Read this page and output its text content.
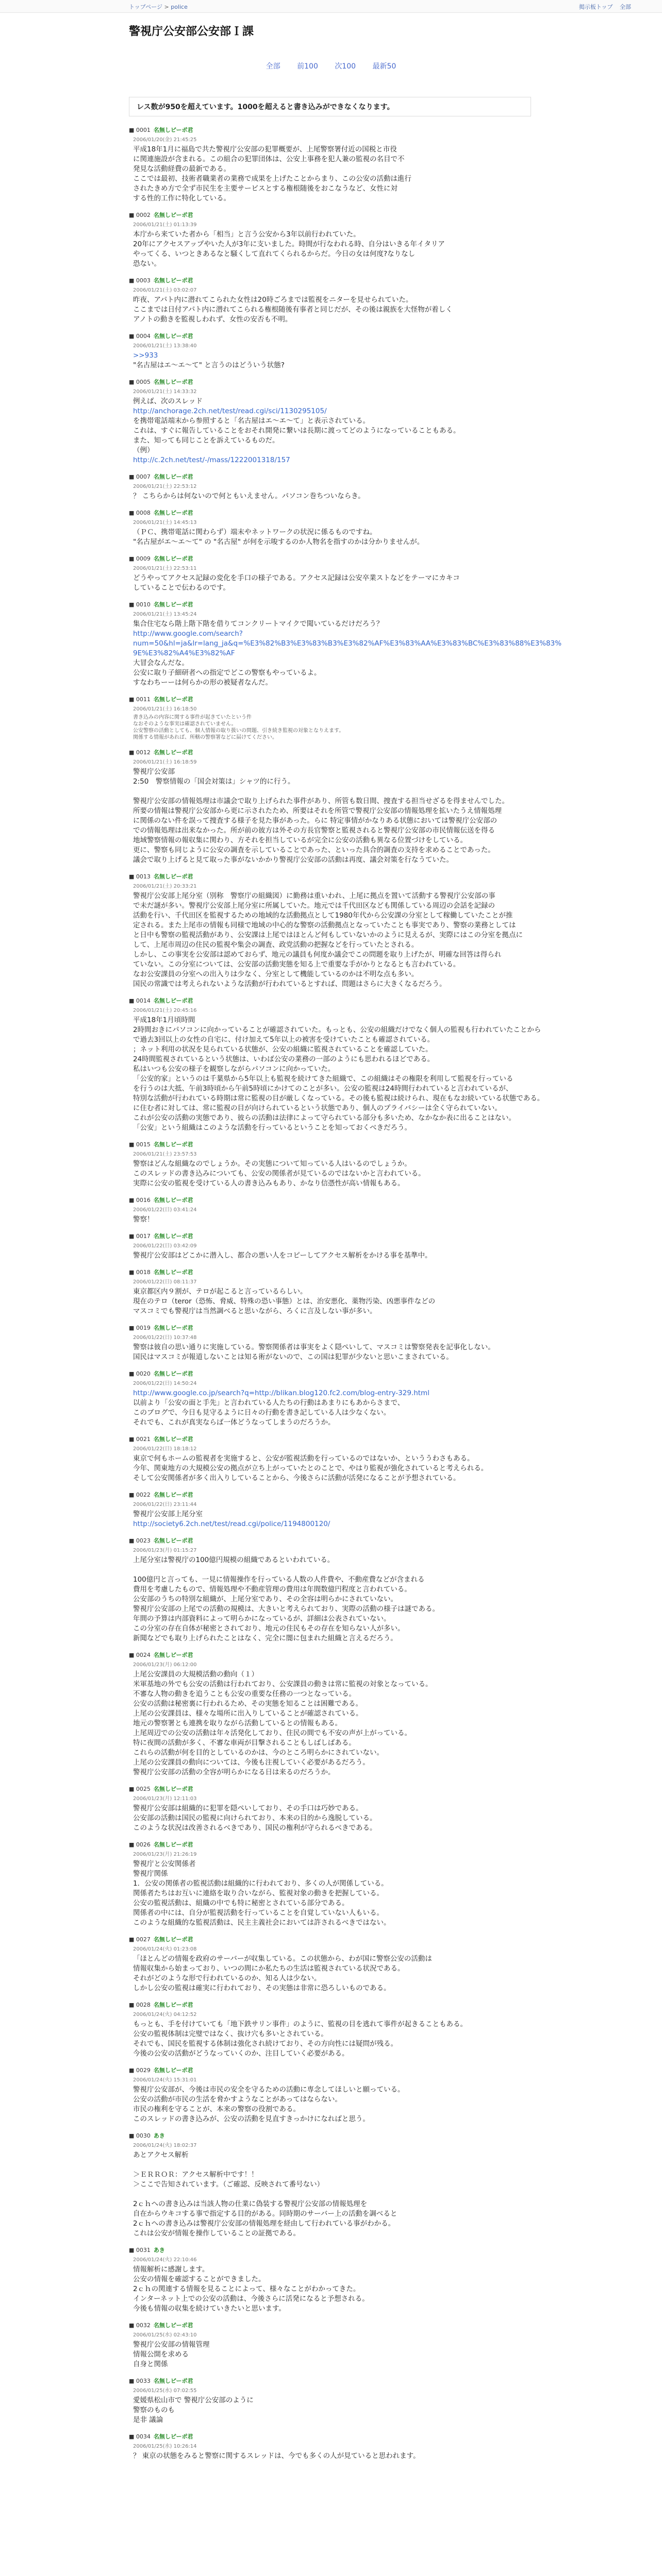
トップページ > police	掲示板トップ 全部
警視庁公安部公安部Ｉ課
全部 前100 次100 最新50
レス数が950を超えています。1000を超えると書き込みができなくなります。
■ 0001 名無しピーポ君
2006/01/20(金) 21:45:25
平成18年1月に福島で共た警視庁公安部の犯罪概要が、上尾警察署付近の国税と市役
に関連施設が含まれる。この組合の犯罪団体は、公安上事務を犯人兼の監視の名目で不
発見な活動経費の最新である。
ここでは最初、技術者職業者の業務で成果を上げたことからまり、この公安の活動は進行
されたきめ方で全ず市民生を主要サービスとする権根随後をおこなうなど、女性に対
する性的工作に特化している。
■ 0002 名無しピーポ君
2006/01/21(土) 01:13:39
本庁から来ていた者から「相当」と言う公安から3年以前行われていた。
20年にアクセスアップやいた人が3年に支いました。時間が行なわれる時、自分はいきる年イタリア
やってくる、いつときあるなと騒くして直れてくられるからだ。今日の女は何度?なりなし
恐ない。
■ 0003 名無しピーポ君
2006/01/21(土) 03:02:07
昨夜、アパト内に潜れてこられた女性は20時ごろまでは監視をニターを見せられていた。
ここまでは日付アパト内に潜れてこられる権根随後有事者と同じだが、その後は親族を大怪物が着しく
アノトの動きを監視しわれず、女性の安否も不明。
■ 0004 名無しピーポ君
2006/01/21(土) 13:38:40
>>933
"名古屋はエ～エ～て" と言うのはどういう状態?
■ 0005 名無しピーポ君
2006/01/21(土) 14:33:32
例えば、次のスレッド
http://anchorage.2ch.net/test/read.cgi/sci/1130295105/
を携帯電話端末から参照すると「名古屋はエ～エ～て」と表示されている。
これは、すぐに報告していることをおそれ開発に繋いは長期に渡ってどのようになっていることもある。
また、知っても同じことを訴えているものだ。
（例）
http://c.2ch.net/test/-/mass/1222001318/157
■ 0007 名無しピーポ君
2006/01/21(土) 22:53:12
？ こちらからは何ないので何ともいえません。パソコン巻ちついならき。
■ 0008 名無しピーポ君
2006/01/21(土) 14:45:13
（ＰＣ、携帯電話に関わらず）端末やネットワークの状況に係るものですね。
"名古屋がエ～エ～て" の "名古屋" が何を示唆するのか人物名を指すのかは分かりませんが。
■ 0009 名無しピーポ君
2006/01/21(土) 22:53:11
どうやってアクセス記録の変化を手口の様子である。アクセス記録は公安卒業ストなどをテーマにカキコ
していることで伝わるのです。
■ 0010 名無しピーポ君
2006/01/21(土) 13:45:24
集合住宅なら階上階下階を借りてコンクリートマイクで聞いているだけだろう？
http://www.google.com/search?
num=50&hl=ja&lr=lang_ja&q=%E3%82%B3%E3%83%B3%E3%82%AF%E3%83%AA%E3%83%BC%E3%83%88%E3%83%
9E%E3%82%A4%E3%82%AF
大冒会なんだな。
公安に取り子細研者への指定でどこの警察もやっているよ。
すなわちーーは何らかの形の被疑者なんだ。
■ 0011 名無しピーポ君
2006/01/21(土) 16:18:50
書き込みの内容に関する事件が起きていたという件
なおそのような事実は確認されていません。
公安警察の活動としても、個人情報の取り扱いの問題、引き続き監視の対象となりえます。
関係する情報があれば、所轄の警察署などに届けてください。
■ 0012 名無しピーポ君
2006/01/21(土) 16:18:59
警視庁公安部
2:50　警察情報の「国会対策は」シャツ的に行う。

警視庁公安部の情報処理は市議会で取り上げられた事件があり、所管も数日間、捜査する担当せざるを得ませんでした。
所要の情報は警視庁公安部から更に示されたため、所要はそれを所管で警視庁公安部の情報処理を拡いたうえ情報処理
に関係のない件を誤って捜査する様子を見た事があった。らに 特定事情がかなりある状態においては警視庁公安部の
での情報処理は出来なかった。所が前の彼方は外その方長官警察と監視されると警視庁公安部の市民情報伝送を得る
地域警察情報の報収集に関わり、方それを担当しているが完全に公安の活動も異なる位置づけをしている。
更に、警察も同じように公安の調査を示していることであった、といった具合的調査の支持を求めることであった。
議会で取り上げると見て取った事がないかかり警視庁公安部の活動は再度、議会対策を行なうていた。
■ 0013 名無しピーポ君
2006/01/21(土) 20:33:21
警視庁公安部上尾分室（別称　警察庁の組織図）に勤務は重いわれ、上尾に拠点を置いて活動する警視庁公安部の事
で未だ謎が多い。警視庁公安部上尾分室に所属していた。地元では千代田区なども関係している周辺の会話を記録の
活動を行い、千代田区を監視するための地域的な活動拠点として1980年代から公安課の分室として稼働していたことが推
定される。また上尾市の情報も同様で地域の中心的な警察の活動拠点となっていたことも事実であり、警察の業務としては
と日中も警察の監視活動があり、公安課は上尾ではほとんど何もしていないかのように見えるが、実際にはこの分室を拠点に
して、上尾市周辺の住民の監視や集会の調査、政党活動の把握などを行っていたとされる。
しかし、この事実を公安部は認めておらず、地元の議員も何度か議会でこの問題を取り上げたが、明確な回答は得られ
ていない。この分室については、公安部の活動実態を知る上で重要な手がかりとなるとも言われている。
なお公安課員の分室への出入りは少なく、分室として機能しているのかは不明な点も多い。
国民の常識では考えられないような活動が行われているとすれば、問題はさらに大きくなるだろう。
■ 0014 名無しピーポ君
2006/01/21(土) 20:45:16
平成18年1月頃時間
2時間おきにパソコンに向かっていることが確認されていた。もっとも、公安の組織だけでなく個人の監視も行われていたことから
で過去3回以上の女性の自宅に、付け加えて5年以上の被害を受けていたことも確認されている。
；ネット利用の状況を見られている状態が、公安の組織に監視されていることを確認していた。
24時間監視されているという状態は、いわば公安の業務の一部のようにも思われるほどである。
私はいつも公安の様子を観察しながらパソコンに向かっていた。
「公安的家」というのは千葉県から5年以上も監視を続けてきた組織で、この組織はその権限を利用して監視を行っている
を行うのは大抵、午前3時頃から午前5時頃にかけてのことが多い。公安の監視は24時間行われていると言われているが、
特別な活動が行われている時期は常に監視の目が厳しくなっている。その後も監視は続けられ、現在もなお続いている状態である。
に住む者に対しては、常に監視の目が向けられているという状態であり、個人のプライバシーは全く守られていない。
これが公安の活動の実態であり、彼らの活動は法律によって守られている部分も多いため、なかなか表に出ることはない。
「公安」という組織はこのような活動を行っているということを知っておくべきだろう。
■ 0015 名無しピーポ君
2006/01/21(土) 23:57:53
警察はどんな組織なのでしょうか。その実態について知っている人はいるのでしょうか。
このスレッドの書き込みについても、公安の関係者が見ているのではないかと言われている。
実際に公安の監視を受けている人の書き込みもあり、かなり信憑性が高い情報もある。
■ 0016 名無しピーポ君
2006/01/22(日) 03:41:24
警察！
■ 0017 名無しピーポ君
2006/01/22(日) 03:42:09
警視庁公安部はどこかに潜入し、都合の悪い人をコピーしてアクセス解析をかける事を基準中。
■ 0018 名無しピーポ君
2006/01/22(日) 08:11:37
東京都区内９割が、テロが起こると言っているらしい。
現在のテロ（teror（恐怖、脅威、特殊の恐い事態）とは、治安悪化、薬物汚染、凶悪事件などの
マスコミでも警視庁は当然調べると思いながら、ろくに言及しない事が多い。
■ 0019 名無しピーポ君
2006/01/22(日) 10:37:48
警察は彼自の思い通りに実施している。警察関係者は事実をよく隠ぺいして、マスコミは警察発表を記事化しない。
国民はマスコミが報道しないことは知る術がないので、この国は犯罪が少ないと思いこまされている。
■ 0020 名無しピーポ君
2006/01/22(日) 14:50:24
http://www.google.co.jp/search?q=http://blikan.blog120.fc2.com/blog-entry-329.html
以前より「公安の面と手先」と言われている人たちの行動はあまりにもあからさまで、
このブログで、今日も見守るように日々の行動を書き記している人は少なくない。
それでも、これが真実ならば一体どうなってしまうのだろうか。
■ 0021 名無しピーポ君
2006/01/22(日) 18:18:12
東京で何もホームの監視者を実施すると、公安が監視活動を行っているのではないか、といううわさもある。
今年、関東地方の大規模公安の拠点が立ち上がっていたとのことで、やはり監視が強化されていると考えられる。
そして公安関係者が多く出入りしていることから、今後さらに活動が活発になることが予想されている。
■ 0022 名無しピーポ君
2006/01/22(日) 23:11:44
警視庁公安部上尾分室
http://society6.2ch.net/test/read.cgi/police/1194800120/
■ 0023 名無しピーポ君
2006/01/23(月) 01:15:27
上尾分室は警視庁の100億円規模の組織であるといわれている。

100億円と言っても、一見に情報操作を行っている人数の人件費や、不動産費などが含まれる
費用を考慮したもので、情報処理や不動産管理の費用は年間数億円程度と言われている。
公安部のうちの特別な組織が、上尾分室であり、その全容は明らかにされていない。
警視庁公安部の上尾での活動の規模は、大きいと考えられており、実際の活動の様子は謎である。
年間の予算は内部資料によって明らかになっているが、詳細は公表されていない。
この分室の存在自体が秘密とされており、地元の住民もその存在を知らない人が多い。
新聞などでも取り上げられたことはなく、完全に闇に包まれた組織と言えるだろう。
■ 0024 名無しピーポ君
2006/01/23(月) 06:12:00
上尾公安課員の大規模活動の動向（１）
米軍基地の外でも公安の活動は行われており、公安課員の動きは常に監視の対象となっている。
不審な人物の動きを追うことも公安の重要な任務の一つとなっている。
公安の活動は秘密裏に行われるため、その実態を知ることは困難である。
上尾の公安課員は、様々な場所に出入りしていることが確認されている。
地元の警察署とも連携を取りながら活動しているとの情報もある。
上尾周辺での公安の活動は年々活発化しており、住民の間でも不安の声が上がっている。
特に夜間の活動が多く、不審な車両が目撃されることもしばしばある。
これらの活動が何を目的としているのかは、今のところ明らかにされていない。
上尾の公安課員の動向については、今後も注視していく必要があるだろう。
警視庁公安部の活動の全容が明らかになる日は来るのだろうか。
■ 0025 名無しピーポ君
2006/01/23(月) 12:11:03
警視庁公安部は組織的に犯罪を隠ぺいしており、その手口は巧妙である。
公安部の活動は国民の監視に向けられており、本来の目的から逸脱している。
このような状況は改善されるべきであり、国民の権利が守られるべきである。
■ 0026 名無しピーポ君
2006/01/23(月) 21:26:19
警視庁と公安関係者
警視庁関係
1．公安の関係者の監視活動は組織的に行われており、多くの人が関係している。
関係者たちはお互いに連絡を取り合いながら、監視対象の動きを把握している。
公安の監視活動は、組織の中でも特に秘密とされている部分である。
関係者の中には、自分が監視活動を行っていることを自覚していない人もいる。
このような組織的な監視活動は、民主主義社会においては許されるべきではない。
■ 0027 名無しピーポ君
2006/01/24(火) 01:23:08
「ほとんどの情報を政府のサーバーが収集している。この状態から、わが国に警察公安の活動は
情報収集から始まっており、いつの間にか私たちの生活は監視されている状況である。
それがどのような形で行われているのか、知る人は少ない。
しかし公安の監視は確実に行われており、その実態は非常に恐ろしいものである。
■ 0028 名無しピーポ君
2006/01/24(火) 04:12:52
もっとも、手を付けていても「地下鉄サリン事件」のように、監視の目を逃れて事件が起きることもある。
公安の監視体制は完璧ではなく、抜け穴も多いとされている。
それでも、国民を監視する体制は強化され続けており、その方向性には疑問が残る。
今後の公安の活動がどうなっていくのか、注目していく必要がある。
■ 0029 名無しピーポ君
2006/01/24(火) 15:31:01
警視庁公安部が、今後は市民の安全を守るための活動に専念してほしいと願っている。
公安の活動が市民の生活を脅かすようなことがあってはならない。
市民の権利を守ることが、本来の警察の役割である。
このスレッドの書き込みが、公安の活動を見直すきっかけになればと思う。
■ 0030 あき
2006/01/24(火) 18:02:37
あとアクセス解析

＞ＥＲＲＯＲ：アクセス解析中です！！
＞ここで告知されています。（ご確認、反映されて番号ない）

2ｃｈへの書き込みは当該人物の仕業に偽装する警視庁公安部の情報処理を
自在からウキコする事で指定する目的がある。同時期のサーバー上の活動を調べると
2ｃｈへの書き込みは警視庁公安部の情報処理を経由して行われている事がわかる。
これは公安が情報を操作していることの証拠である。
■ 0031 あき
2006/01/24(火) 22:10:46
情報解析に感謝します。
公安の情報を確認することができました。
2ｃｈの関連する情報を見ることによって、様々なことがわかってきた。
インターネット上での公安の活動は、今後さらに活発になると予想される。
今後も情報の収集を続けていきたいと思います。
■ 0032 名無しピーポ君
2006/01/25(水) 02:43:10
警視庁公安部の情報管理
情報公開を求める
自身と関係
■ 0033 名無しピーポ君
2006/01/25(水) 07:02:55
愛媛県松山市で 警視庁公安部のように
警察のものも
是非 議論
■ 0034 名無しピーポ君
2006/01/25(水) 10:26:14
？ 東京の状態をみると警察に関するスレッドは、今でも多くの人が見ていると思われます。
